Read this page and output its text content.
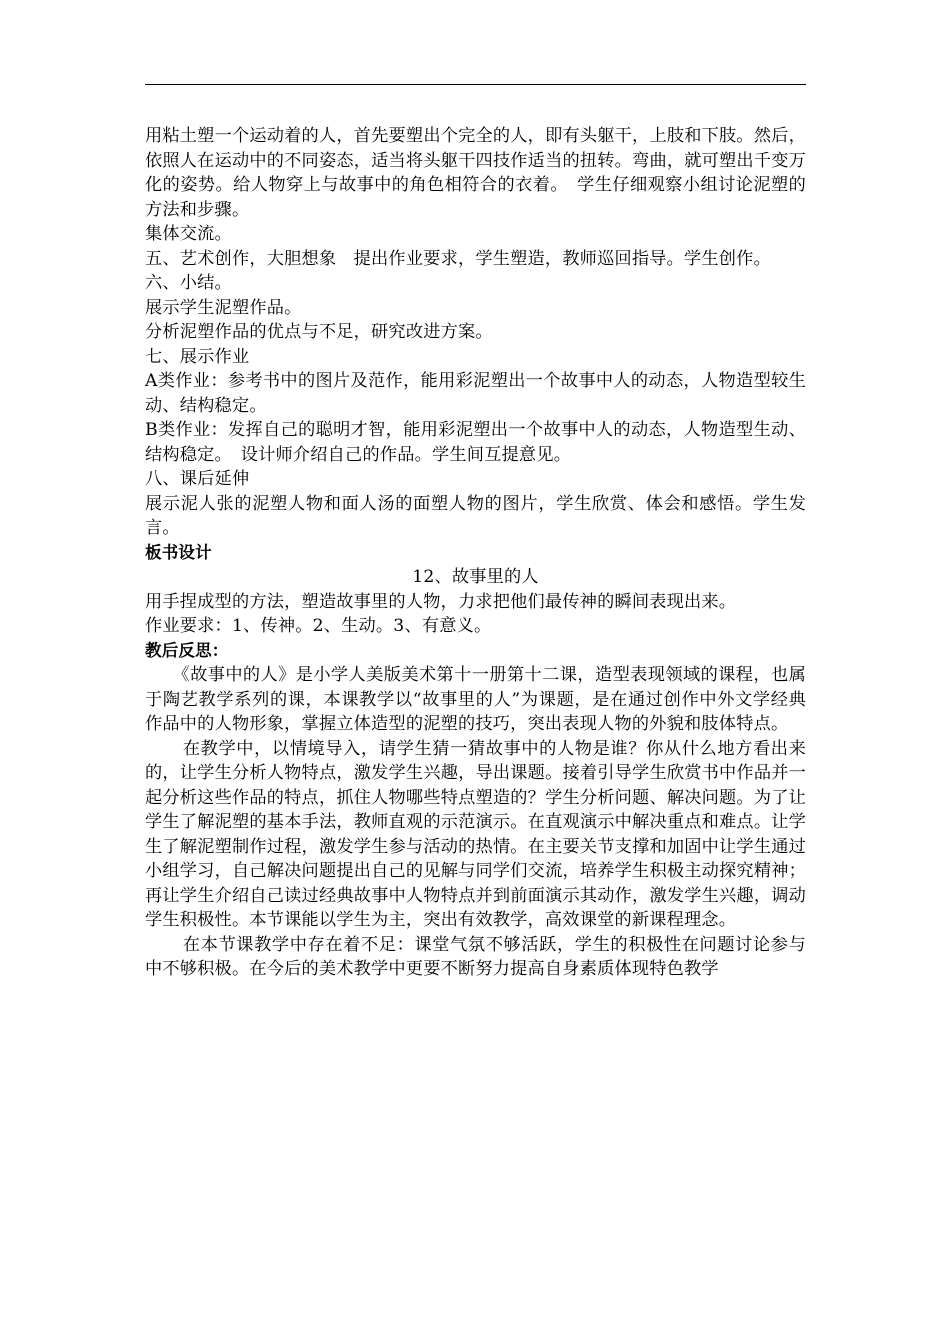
用粘土塑一个运动着的人，首先要塑出个完全的人，即有头躯干，上肢和下肢。然后，依照人在运动中的不同姿态，适当将头躯干四技作适当的扭转。弯曲，就可塑出千变万化的姿势。给人物穿上与故事中的角色相符合的衣着。　学生仔细观察小组讨论泥塑的方法和步骤。

集体交流。

五、艺术创作，大胆想象　提出作业要求，学生塑造，教师巡回指导。学生创作。

六、小结。

展示学生泥塑作品。

分析泥塑作品的优点与不足，研究改进方案。

七、展示作业

A类作业：参考书中的图片及范作，能用彩泥塑出一个故事中人的动态，人物造型较生动、结构稳定。

B类作业：发挥自己的聪明才智，能用彩泥塑出一个故事中人的动态，人物造型生动、结构稳定。　设计师介绍自己的作品。学生间互提意见。

八、课后延伸

展示泥人张的泥塑人物和面人汤的面塑人物的图片，学生欣赏、体会和感悟。学生发言。

板书设计

12、故事里的人

用手捏成型的方法，塑造故事里的人物，力求把他们最传神的瞬间表现出来。

作业要求：1、传神。2、生动。3、有意义。

教后反思：

《故事中的人》是小学人美版美术第十一册第十二课，造型表现领域的课程，也属于陶艺教学系列的课，本课教学以“故事里的人”为课题，是在通过创作中外文学经典作品中的人物形象，掌握立体造型的泥塑的技巧，突出表现人物的外貌和肢体特点。

在教学中，以情境导入，请学生猜一猜故事中的人物是谁？你从什么地方看出来的，让学生分析人物特点，激发学生兴趣，导出课题。接着引导学生欣赏书中作品并一起分析这些作品的特点，抓住人物哪些特点塑造的？学生分析问题、解决问题。为了让学生了解泥塑的基本手法，教师直观的示范演示。在直观演示中解决重点和难点。让学生了解泥塑制作过程，激发学生参与活动的热情。在主要关节支撑和加固中让学生通过小组学习，自己解决问题提出自己的见解与同学们交流，培养学生积极主动探究精神；再让学生介绍自己读过经典故事中人物特点并到前面演示其动作，激发学生兴趣，调动学生积极性。本节课能以学生为主，突出有效教学，高效课堂的新课程理念。

在本节课教学中存在着不足：课堂气氛不够活跃，学生的积极性在问题讨论参与中不够积极。在今后的美术教学中更要不断努力提高自身素质体现特色教学
